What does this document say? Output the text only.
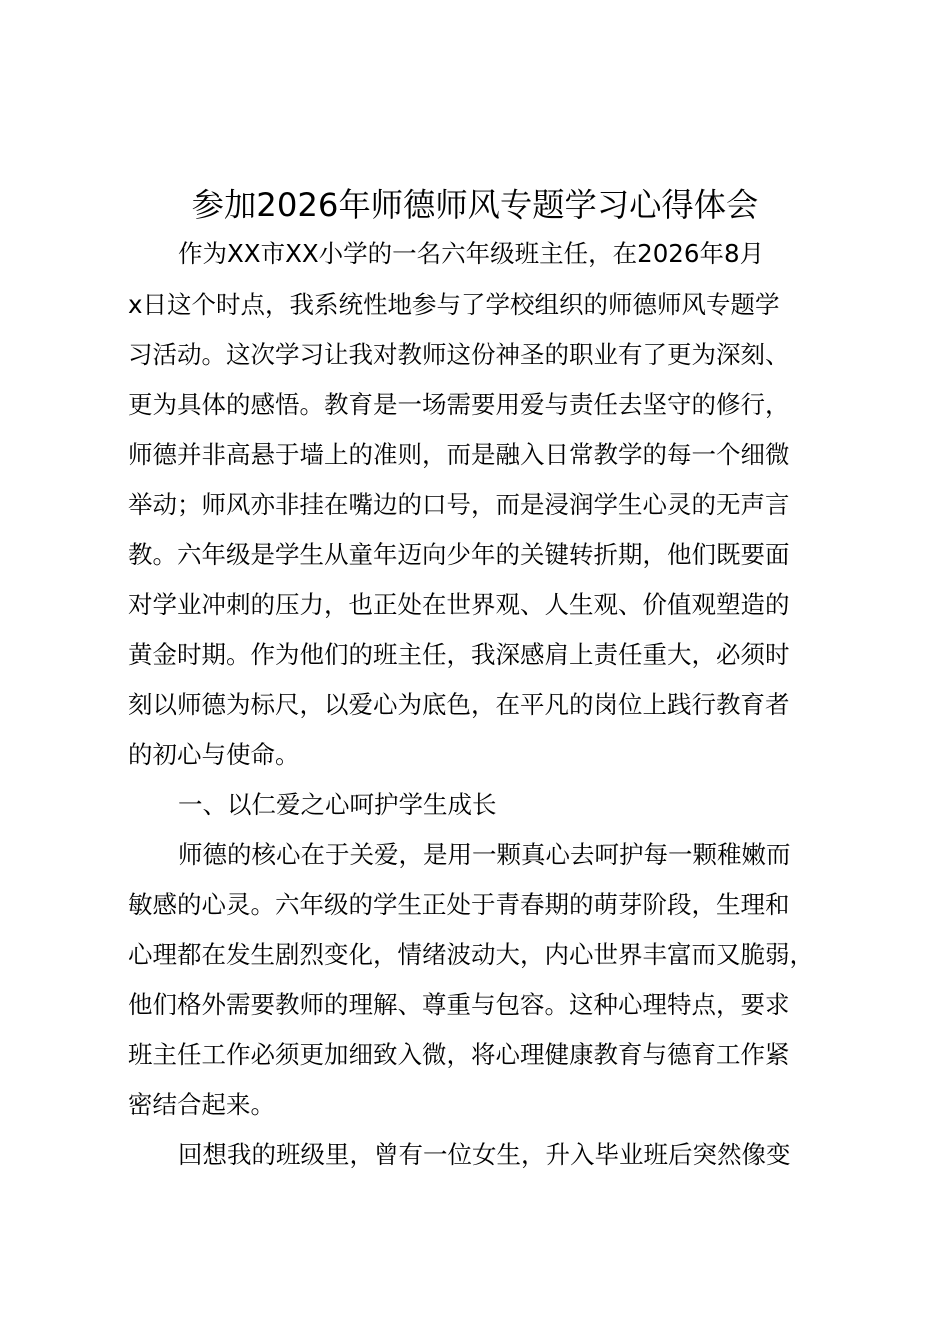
参加2026年师德师风专题学习心得体会

作为XX市XX小学的一名六年级班主任，在2026年8月

x日这个时点，我系统性地参与了学校组织的师德师风专题学

习活动。这次学习让我对教师这份神圣的职业有了更为深刻、

更为具体的感悟。教育是一场需要用爱与责任去坚守的修行，

师德并非高悬于墙上的准则，而是融入日常教学的每一个细微

举动；师风亦非挂在嘴边的口号，而是浸润学生心灵的无声言

教。六年级是学生从童年迈向少年的关键转折期，他们既要面

对学业冲刺的压力，也正处在世界观、人生观、价值观塑造的

黄金时期。作为他们的班主任，我深感肩上责任重大，必须时

刻以师德为标尺，以爱心为底色，在平凡的岗位上践行教育者

的初心与使命。

一、以仁爱之心呵护学生成长

师德的核心在于关爱，是用一颗真心去呵护每一颗稚嫩而

敏感的心灵。六年级的学生正处于青春期的萌芽阶段，生理和

心理都在发生剧烈变化，情绪波动大，内心世界丰富而又脆弱，

他们格外需要教师的理解、尊重与包容。这种心理特点，要求

班主任工作必须更加细致入微，将心理健康教育与德育工作紧

密结合起来。

回想我的班级里，曾有一位女生，升入毕业班后突然像变
